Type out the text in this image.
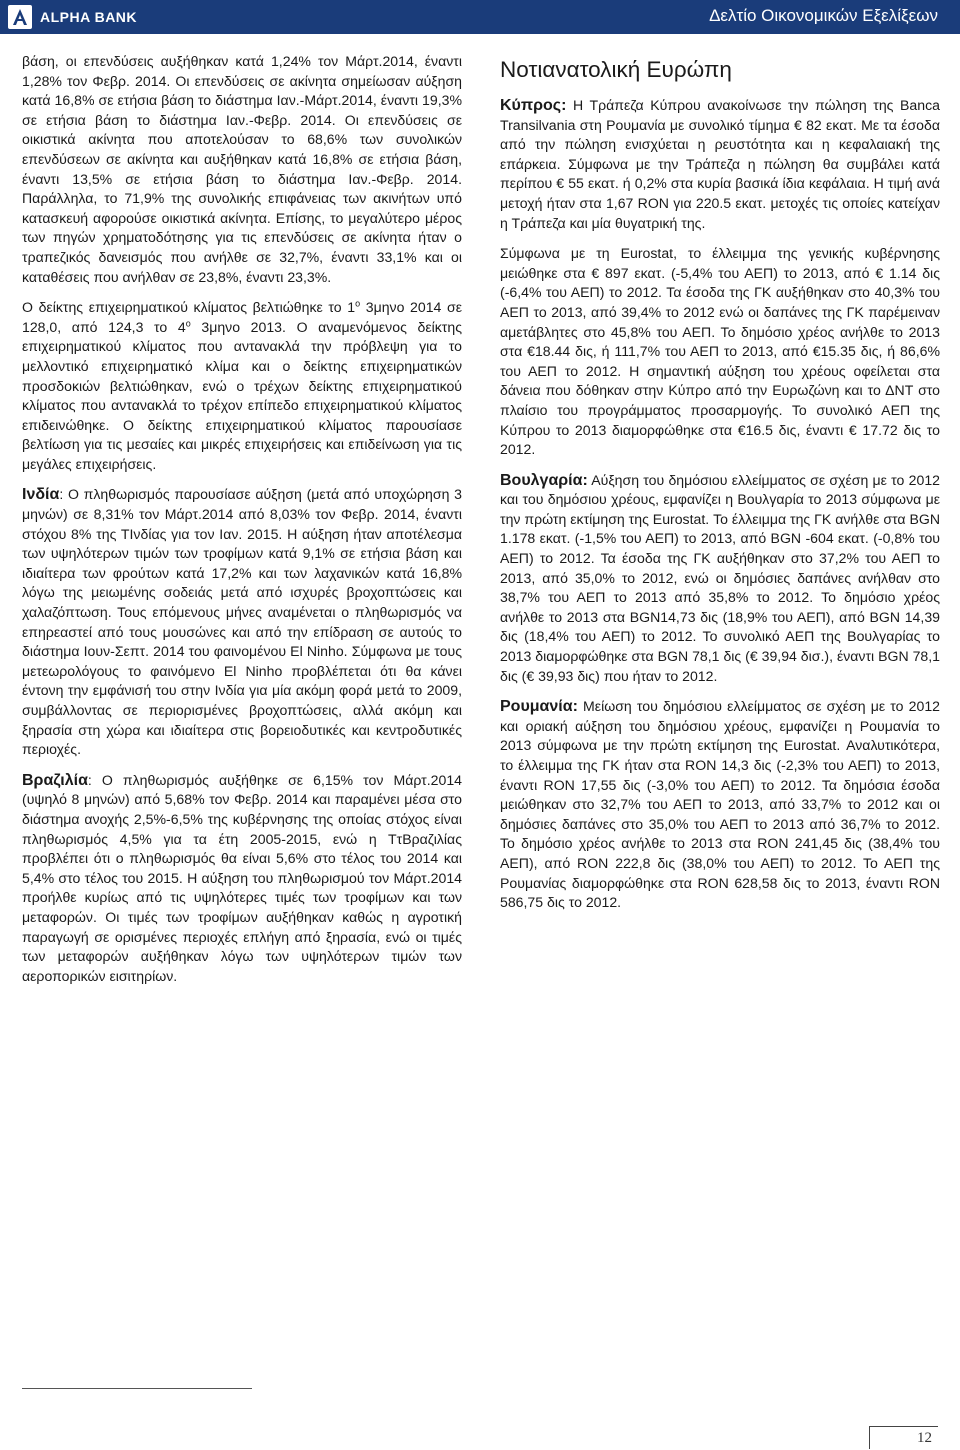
ALPHA BANK	Δελτίο Οικονομικών Εξελίξεων

βάση, οι επενδύσεις αυξήθηκαν κατά 1,24% τον Μάρτ.2014, έναντι 1,28% τον Φεβρ. 2014. Οι επενδύσεις σε ακίνητα σημείωσαν αύξηση κατά 16,8% σε ετήσια βάση το διάστημα Ιαν.-Μάρτ.2014, έναντι 19,3% σε ετήσια βάση το διάστημα Ιαν.-Φεβρ. 2014. Οι επενδύσεις σε οικιστικά ακίνητα που αποτελούσαν το 68,6% των συνολικών επενδύσεων σε ακίνητα και αυξήθηκαν κατά 16,8% σε ετήσια βάση, έναντι 13,5% σε ετήσια βάση το διάστημα Ιαν.-Φεβρ. 2014. Παράλληλα, το 71,9% της συνολικής επιφάνειας των ακινήτων υπό κατασκευή αφορούσε οικιστικά ακίνητα. Επίσης, το μεγαλύτερο μέρος των πηγών χρηματοδότησης για τις επενδύσεις σε ακίνητα ήταν ο τραπεζικός δανεισμός που ανήλθε σε 32,7%, έναντι 33,1% και οι καταθέσεις που ανήλθαν σε 23,8%, έναντι 23,3%.

Ο δείκτης επιχειρηματικού κλίματος βελτιώθηκε το $1^o$ 3μηνο 2014 σε 128,0, από 124,3 το $4^o$ 3μηνο 2013. Ο αναμενόμενος δείκτης επιχειρηματικού κλίματος που αντανακλά την πρόβλεψη για το μελλοντικό επιχειρηματικό κλίμα και ο δείκτης επιχειρηματικών προσδοκιών βελτιώθηκαν, ενώ ο τρέχων δείκτης επιχειρηματικού κλίματος που αντανακλά το τρέχον επίπεδο επιχειρηματικού κλίματος επιδεινώθηκε. Ο δείκτης επιχειρηματικού κλίματος παρουσίασε βελτίωση για τις μεσαίες και μικρές επιχειρήσεις και επιδείνωση για τις μεγάλες επιχειρήσεις.

Ινδία: Ο πληθωρισμός παρουσίασε αύξηση (μετά από υποχώρηση 3 μηνών) σε 8,31% τον Μάρτ.2014 από 8,03% τον Φεβρ. 2014, έναντι στόχου 8% της ΤΙνδίας για τον Ιαν. 2015. Η αύξηση ήταν αποτέλεσμα των υψηλότερων τιμών των τροφίμων κατά 9,1% σε ετήσια βάση και ιδιαίτερα των φρούτων κατά 17,2% και των λαχανικών κατά 16,8% λόγω της μειωμένης σοδειάς μετά από ισχυρές βροχοπτώσεις και χαλαζόπτωση. Τους επόμενους μήνες αναμένεται ο πληθωρισμός να επηρεαστεί από τους μουσώνες και από την επίδραση σε αυτούς το διάστημα Ιουν-Σεπτ. 2014 του φαινομένου El Ninho. Σύμφωνα με τους μετεωρολόγους το φαινόμενο El Ninho προβλέπεται ότι θα κάνει έντονη την εμφάνισή του στην Ινδία για μία ακόμη φορά μετά το 2009, συμβάλλοντας σε περιορισμένες βροχοπτώσεις, αλλά ακόμη και ξηρασία στη χώρα και ιδιαίτερα στις βορειοδυτικές και κεντροδυτικές περιοχές.

Βραζιλία: Ο πληθωρισμός αυξήθηκε σε 6,15% τον Μάρτ.2014 (υψηλό 8 μηνών) από 5,68% τον Φεβρ. 2014 και παραμένει μέσα στο διάστημα ανοχής 2,5%-6,5% της κυβέρνησης της οποίας στόχος είναι πληθωρισμός 4,5% για τα έτη 2005-2015, ενώ η ΤτΒραζιλίας προβλέπει ότι ο πληθωρισμός θα είναι 5,6% στο τέλος του 2014 και 5,4% στο τέλος του 2015. Η αύξηση του πληθωρισμού τον Μάρτ.2014 προήλθε κυρίως από τις υψηλότερες τιμές των τροφίμων και των μεταφορών. Οι τιμές των τροφίμων αυξήθηκαν καθώς η αγροτική παραγωγή σε ορισμένες περιοχές επλήγη από ξηρασία, ενώ οι τιμές των μεταφορών αυξήθηκαν λόγω των υψηλότερων τιμών των αεροπορικών εισιτηρίων.

Νοτιανατολική Ευρώπη

Κύπρος: Η Τράπεζα Κύπρου ανακοίνωσε την πώληση της Banca Transilvania στη Ρουμανία με συνολικό τίμημα € 82 εκατ. Με τα έσοδα από την πώληση ενισχύεται η ρευστότητα και η κεφαλαιακή της επάρκεια. Σύμφωνα με την Τράπεζα η πώληση θα συμβάλει κατά περίπου € 55 εκατ. ή 0,2% στα κυρία βασικά ίδια κεφάλαια. Η τιμή ανά μετοχή ήταν στα 1,67 RON για 220.5 εκατ. μετοχές τις οποίες κατείχαν η Τράπεζα και μία θυγατρική της.

Σύμφωνα με τη Eurostat, το έλλειμμα της γενικής κυβέρνησης μειώθηκε στα € 897 εκατ. (-5,4% του ΑΕΠ) το 2013, από € 1.14 δις (-6,4% του ΑΕΠ) το 2012. Τα έσοδα της ΓΚ αυξήθηκαν στο 40,3% του ΑΕΠ το 2013, από 39,4% το 2012 ενώ οι δαπάνες της ΓΚ παρέμειναν αμετάβλητες στο 45,8% του ΑΕΠ. Το δημόσιο χρέος ανήλθε το 2013 στα €18.44 δις, ή 111,7% του ΑΕΠ το 2013, από €15.35 δις, ή 86,6% του ΑΕΠ το 2012. Η σημαντική αύξηση του χρέους οφείλεται στα δάνεια που δόθηκαν στην Κύπρο από την Ευρωζώνη και το ΔΝΤ στο πλαίσιο του προγράμματος προσαρμογής. Το συνολικό ΑΕΠ της Κύπρου το 2013 διαμορφώθηκε στα €16.5 δις, έναντι € 17.72 δις το 2012.

Βουλγαρία: Αύξηση του δημόσιου ελλείμματος σε σχέση με το 2012 και του δημόσιου χρέους, εμφανίζει η Βουλγαρία το 2013 σύμφωνα με την πρώτη εκτίμηση της Eurostat. Το έλλειμμα της ΓΚ ανήλθε στα BGN 1.178 εκατ. (-1,5% του ΑΕΠ) το 2013, από BGN -604 εκατ. (-0,8% του ΑΕΠ) το 2012. Τα έσοδα της ΓΚ αυξήθηκαν στο 37,2% του ΑΕΠ το 2013, από 35,0% το 2012, ενώ οι δημόσιες δαπάνες ανήλθαν στο 38,7% του ΑΕΠ το 2013 από 35,8% το 2012. Το δημόσιο χρέος ανήλθε το 2013 στα BGN14,73 δις (18,9% του ΑΕΠ), από BGN 14,39 δις (18,4% του ΑΕΠ) το 2012. Το συνολικό ΑΕΠ της Βουλγαρίας το 2013 διαμορφώθηκε στα BGN 78,1 δις (€ 39,94 δισ.), έναντι BGN 78,1 δις (€ 39,93 δις) που ήταν το 2012.

Ρουμανία: Μείωση του δημόσιου ελλείμματος σε σχέση με το 2012 και οριακή αύξηση του δημόσιου χρέους, εμφανίζει η Ρουμανία το 2013 σύμφωνα με την πρώτη εκτίμηση της Eurostat. Αναλυτικότερα, το έλλειμμα της ΓΚ ήταν στα RON 14,3 δις (-2,3% του ΑΕΠ) το 2013, έναντι RON 17,55 δις (-3,0% του ΑΕΠ) το 2012. Τα δημόσια έσοδα μειώθηκαν στο 32,7% του ΑΕΠ το 2013, από 33,7% το 2012 και οι δημόσιες δαπάνες στο 35,0% του ΑΕΠ το 2013 από 36,7% το 2012. Το δημόσιο χρέος ανήλθε το 2013 στα RON 241,45 δις (38,4% του ΑΕΠ), από RON 222,8 δις (38,0% του ΑΕΠ) το 2012. Το ΑΕΠ της Ρουμανίας διαμορφώθηκε στα RON 628,58 δις το 2013, έναντι RON 586,75 δις το 2012.

12
